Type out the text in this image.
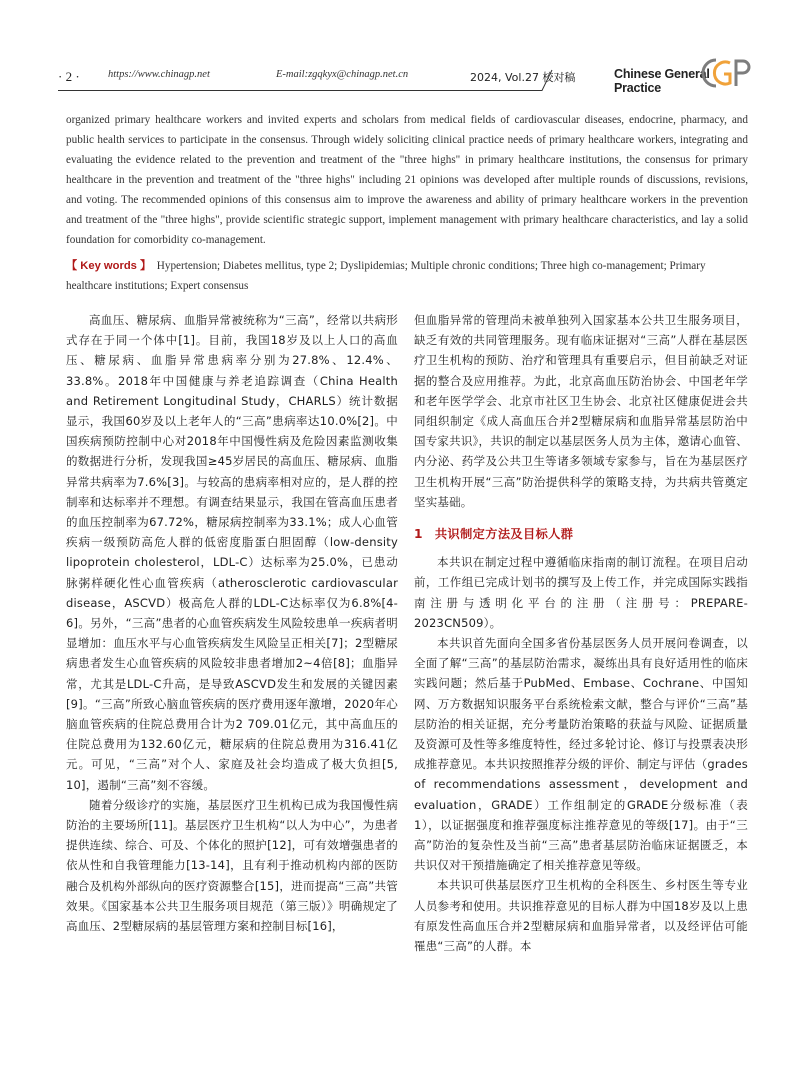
· 2 ·	https://www.chinagp.net	E-mail:zgqkyx@chinagp.net.cn	2024, Vol.27 校对稿	Chinese General Practice

organized primary healthcare workers and invited experts and scholars from medical fields of cardiovascular diseases, endocrine, pharmacy, and public health services to participate in the consensus. Through widely soliciting clinical practice needs of primary healthcare workers, integrating and evaluating the evidence related to the prevention and treatment of the "three highs" in primary healthcare institutions, the consensus for primary healthcare in the prevention and treatment of the "three highs" including 21 opinions was developed after multiple rounds of discussions, revisions, and voting. The recommended opinions of this consensus aim to improve the awareness and ability of primary healthcare workers in the prevention and treatment of the "three highs", provide scientific strategic support, implement management with primary healthcare characteristics, and lay a solid foundation for comorbidity co-management.

【 Key words 】 Hypertension; Diabetes mellitus, type 2; Dyslipidemias; Multiple chronic conditions; Three high co-management; Primary healthcare institutions; Expert consensus

高血压、糖尿病、血脂异常被统称为“三高”，经常以共病形式存在于同一个体中[1]。目前，我国18岁及以上人口的高血压、糖尿病、血脂异常患病率分别为27.8%、12.4%、33.8%。2018年中国健康与养老追踪调查（China Health and Retirement Longitudinal Study，CHARLS）统计数据显示，我国60岁及以上老年人的“三高”患病率达10.0%[2]。中国疾病预防控制中心对2018年中国慢性病及危险因素监测收集的数据进行分析，发现我国≥45岁居民的高血压、糖尿病、血脂异常共病率为7.6%[3]。与较高的患病率相对应的，是人群的控制率和达标率并不理想。有调查结果显示，我国在管高血压患者的血压控制率为67.72%，糖尿病控制率为33.1%；成人心血管疾病一级预防高危人群的低密度脂蛋白胆固醇（low-density lipoprotein cholesterol，LDL-C）达标率为25.0%，已患动脉粥样硬化性心血管疾病（atherosclerotic cardiovascular disease，ASCVD）极高危人群的LDL-C达标率仅为6.8%[4-6]。另外，“三高”患者的心血管疾病发生风险较患单一疾病者明显增加：血压水平与心血管疾病发生风险呈正相关[7]；2型糖尿病患者发生心血管疾病的风险较非患者增加2~4倍[8]；血脂异常，尤其是LDL-C升高，是导致ASCVD发生和发展的关键因素[9]。“三高”所致心脑血管疾病的医疗费用逐年激增，2020年心脑血管疾病的住院总费用合计为2 709.01亿元，其中高血压的住院总费用为132.60亿元，糖尿病的住院总费用为316.41亿元。可见，“三高”对个人、家庭及社会均造成了极大负担[5, 10]，遏制“三高”刻不容缓。

随着分级诊疗的实施，基层医疗卫生机构已成为我国慢性病防治的主要场所[11]。基层医疗卫生机构“以人为中心”，为患者提供连续、综合、可及、个体化的照护[12]，可有效增强患者的依从性和自我管理能力[13-14]，且有利于推动机构内部的医防融合及机构外部纵向的医疗资源整合[15]，进而提高“三高”共管效果。《国家基本公共卫生服务项目规范（第三版）》明确规定了高血压、2型糖尿病的基层管理方案和控制目标[16]，

但血脂异常的管理尚未被单独列入国家基本公共卫生服务项目，缺乏有效的共同管理服务。现有临床证据对“三高”人群在基层医疗卫生机构的预防、治疗和管理具有重要启示，但目前缺乏对证据的整合及应用推荐。为此，北京高血压防治协会、中国老年学和老年医学学会、北京市社区卫生协会、北京社区健康促进会共同组织制定《成人高血压合并2型糖尿病和血脂异常基层防治中国专家共识》，共识的制定以基层医务人员为主体，邀请心血管、内分泌、药学及公共卫生等诸多领域专家参与，旨在为基层医疗卫生机构开展“三高”防治提供科学的策略支持，为共病共管奠定坚实基础。

1 共识制定方法及目标人群

本共识在制定过程中遵循临床指南的制订流程。在项目启动前，工作组已完成计划书的撰写及上传工作，并完成国际实践指南注册与透明化平台的注册（注册号：PREPARE-2023CN509）。

本共识首先面向全国多省份基层医务人员开展问卷调查，以全面了解“三高”的基层防治需求，凝练出具有良好适用性的临床实践问题；然后基于PubMed、Embase、Cochrane、中国知网、万方数据知识服务平台系统检索文献，整合与评价“三高”基层防治的相关证据，充分考量防治策略的获益与风险、证据质量及资源可及性等多维度特性，经过多轮讨论、修订与投票表决形成推荐意见。本共识按照推荐分级的评价、制定与评估（grades of recommendations assessment，development and evaluation，GRADE）工作组制定的GRADE分级标准（表1），以证据强度和推荐强度标注推荐意见的等级[17]。由于“三高”防治的复杂性及当前“三高”患者基层防治临床证据匮乏，本共识仅对干预措施确定了相关推荐意见等级。

本共识可供基层医疗卫生机构的全科医生、乡村医生等专业人员参考和使用。共识推荐意见的目标人群为中国18岁及以上患有原发性高血压合并2型糖尿病和血脂异常者，以及经评估可能罹患“三高”的人群。本
